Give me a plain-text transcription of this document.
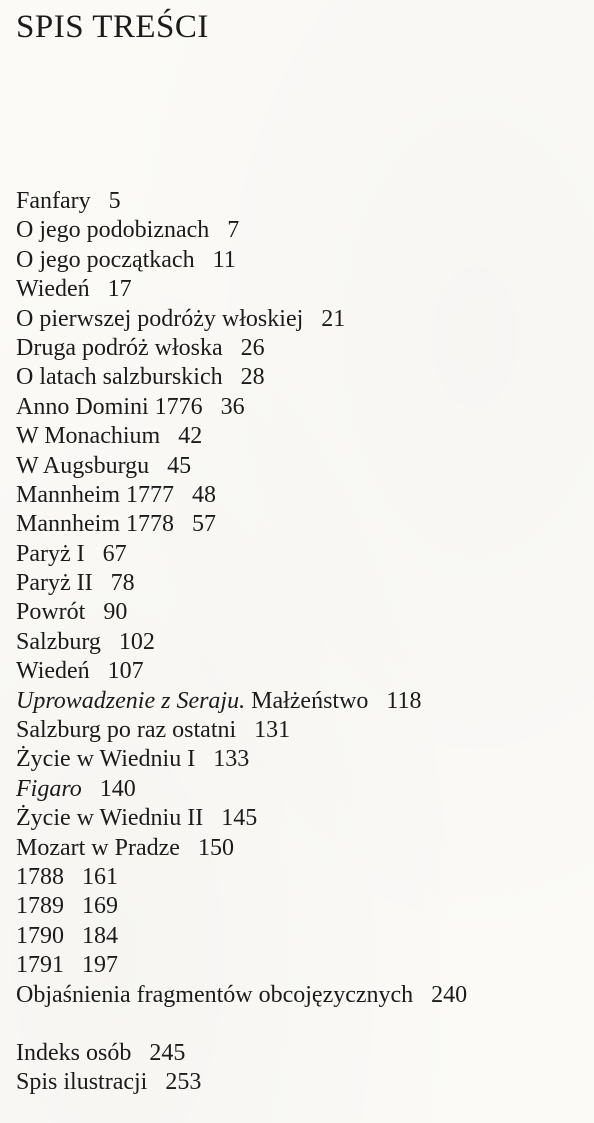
SPIS TREŚCI
Fanfary 5
O jego podobiznach 7
O jego początkach 11
Wiedeń 17
O pierwszej podróży włoskiej 21
Druga podróż włoska 26
O latach salzburskich 28
Anno Domini 1776 36
W Monachium 42
W Augsburgu 45
Mannheim 1777 48
Mannheim 1778 57
Paryż I 67
Paryż II 78
Powrót 90
Salzburg 102
Wiedeń 107
Uprowadzenie z Seraju. Małżeństwo 118
Salzburg po raz ostatni 131
Życie w Wiedniu I 133
Figaro 140
Życie w Wiedniu II 145
Mozart w Pradze 150
1788 161
1789 169
1790 184
1791 197
Objaśnienia fragmentów obcojęzycznych 240
Indeks osób 245
Spis ilustracji 253
